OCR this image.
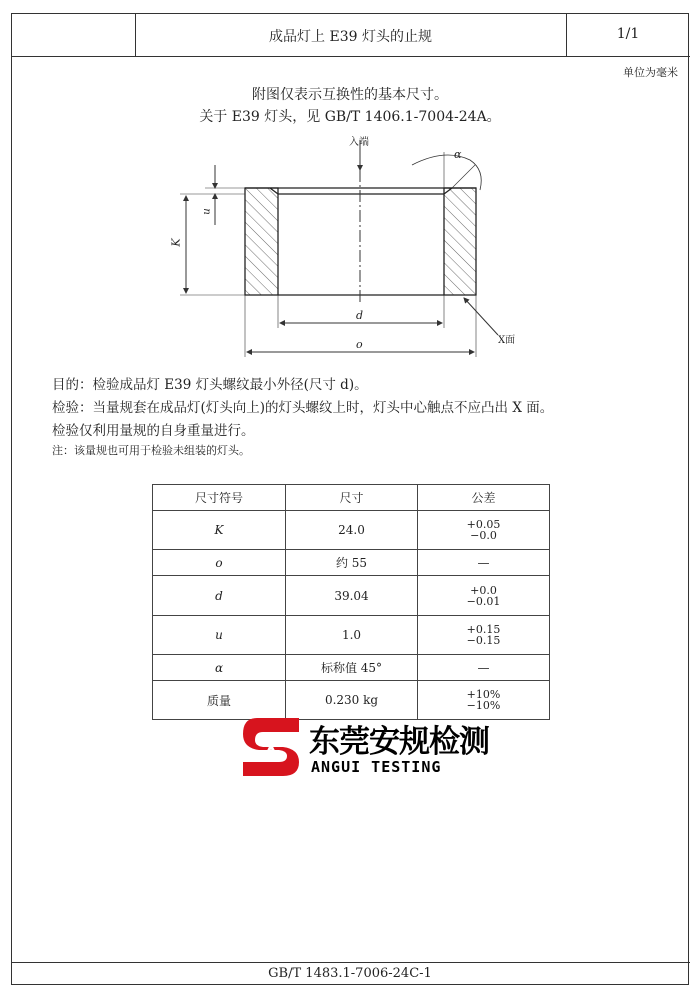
成品灯上 E39 灯头的止规	1/1
单位为毫米
附图仅表示互换性的基本尺寸。
关于 E39 灯头，见 GB/T 1406.1-7004-24A。
入端
α
u
K
d
o	X面
目的：检验成品灯 E39 灯头螺纹最小外径(尺寸 d)。
检验：当量规套在成品灯(灯头向上)的灯头螺纹上时，灯头中心触点不应凸出 X 面。
检验仅利用量规的自身重量进行。
注：该量规也可用于检验未组装的灯头。
尺寸符号	尺寸	公差
K	24.0	+0.05
−0.0

o	约 55	—
d	39.04	+0.0
−0.01

u	1.0	+0.15
−0.15

α	标称值 45°	—
质量	0.230 kg	+10%
−10%
东莞安规检测
ANGUI TESTING
GB/T 1483.1-7006-24C-1
